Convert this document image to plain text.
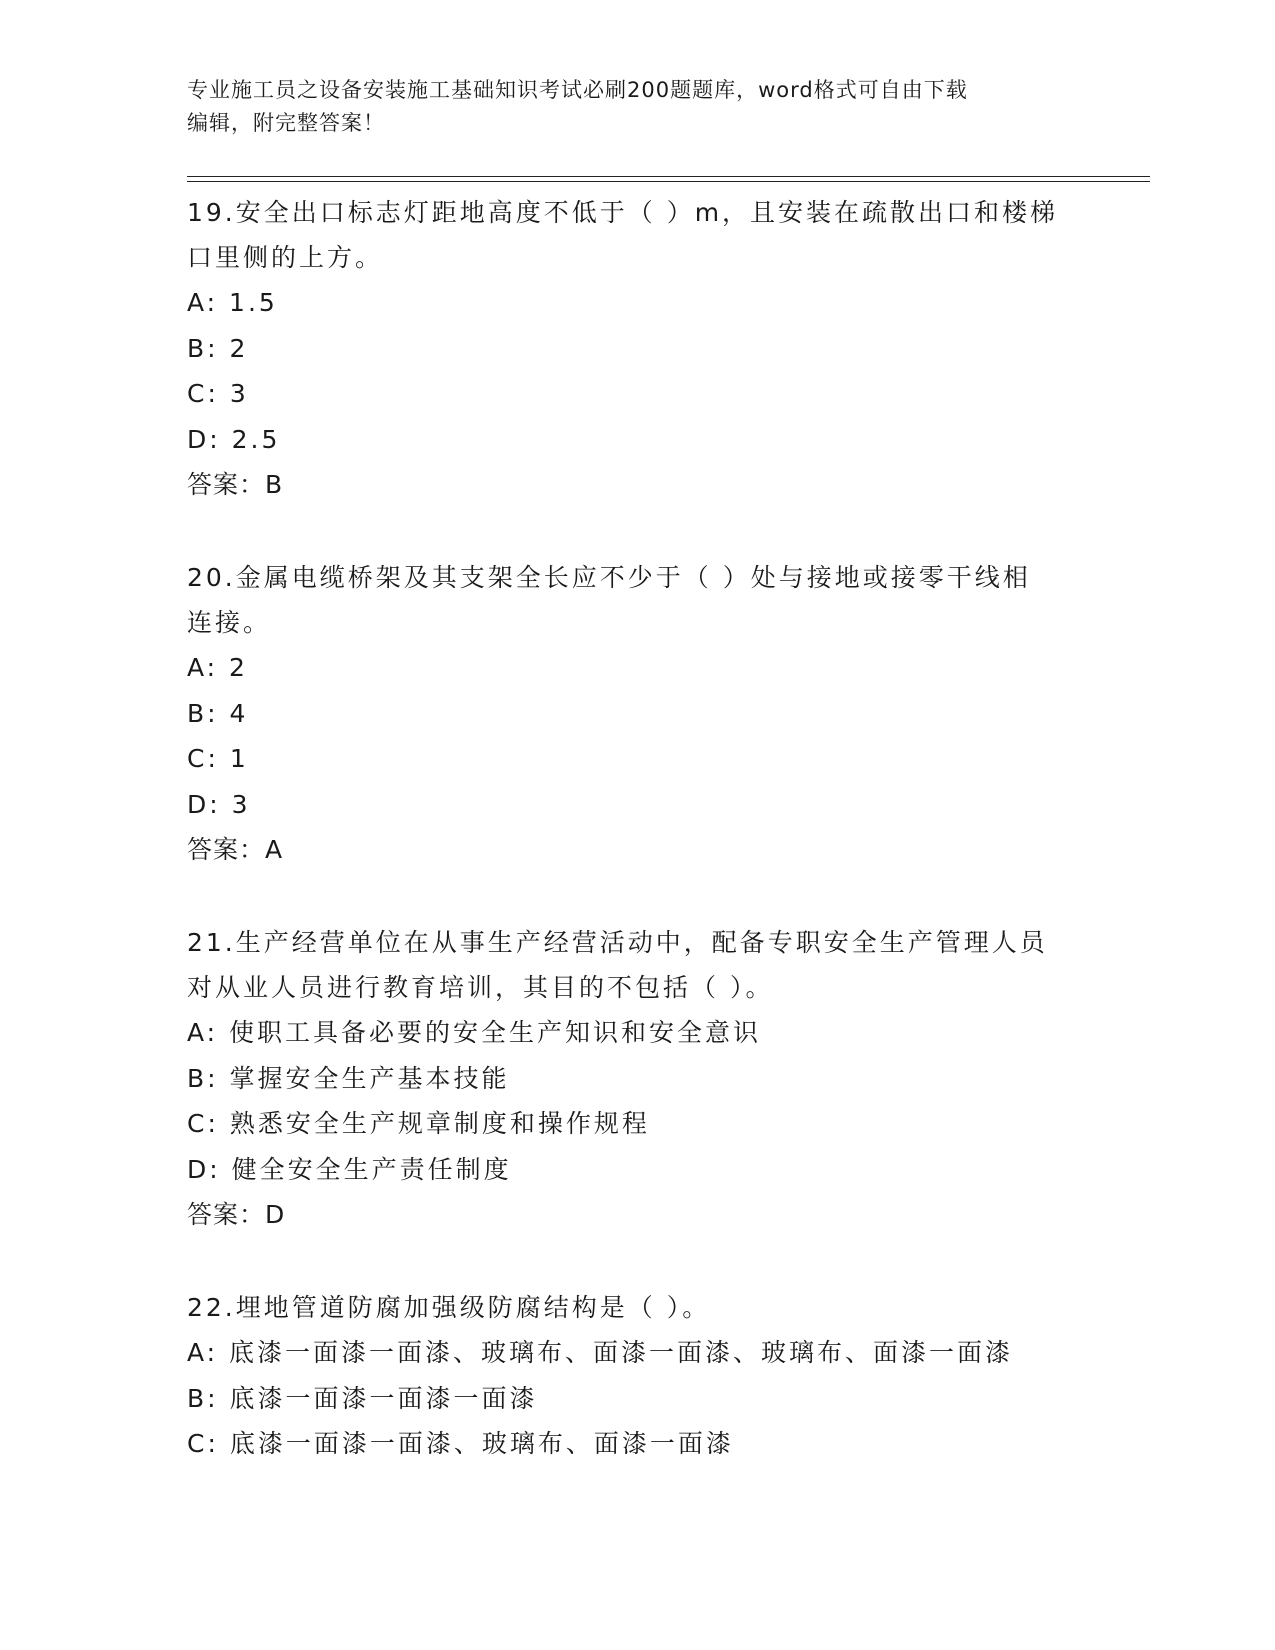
专业施工员之设备安装施工基础知识考试必刷200题题库，word格式可自由下载
编辑，附完整答案！

19.安全出口标志灯距地高度不低于（ ）m，且安装在疏散出口和楼梯

口里侧的上方。

A: 1.5

B: 2

C: 3

D: 2.5

答案：B

20.金属电缆桥架及其支架全长应不少于（ ）处与接地或接零干线相

连接。

A: 2

B: 4

C: 1

D: 3

答案：A

21.生产经营单位在从事生产经营活动中，配备专职安全生产管理人员

对从业人员进行教育培训，其目的不包括（ ）。

A: 使职工具备必要的安全生产知识和安全意识

B: 掌握安全生产基本技能

C: 熟悉安全生产规章制度和操作规程

D: 健全安全生产责任制度

答案：D

22.埋地管道防腐加强级防腐结构是（ ）。

A: 底漆一面漆一面漆、玻璃布、面漆一面漆、玻璃布、面漆一面漆

B: 底漆一面漆一面漆一面漆

C: 底漆一面漆一面漆、玻璃布、面漆一面漆
